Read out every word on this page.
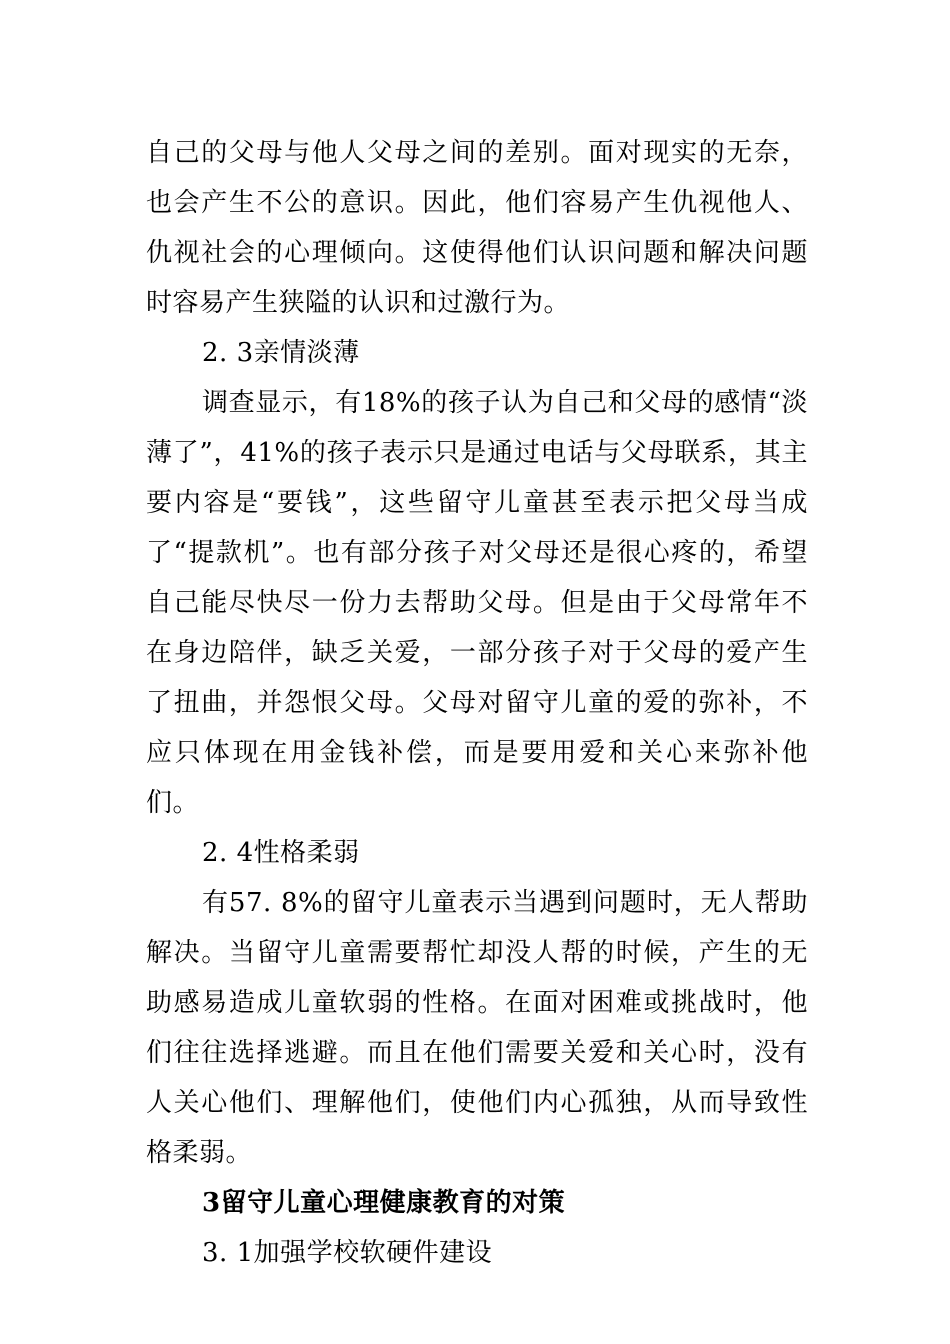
自己的父母与他人父母之间的差别。面对现实的无奈，也会产生不公的意识。因此，他们容易产生仇视他人、仇视社会的心理倾向。这使得他们认识问题和解决问题时容易产生狭隘的认识和过激行为。

2. 3亲情淡薄

调查显示，有18%的孩子认为自己和父母的感情“淡薄了”，41%的孩子表示只是通过电话与父母联系，其主要内容是“要钱”，这些留守儿童甚至表示把父母当成了“提款机”。也有部分孩子对父母还是很心疼的，希望自己能尽快尽一份力去帮助父母。但是由于父母常年不在身边陪伴，缺乏关爱，一部分孩子对于父母的爱产生了扭曲，并怨恨父母。父母对留守儿童的爱的弥补，不应只体现在用金钱补偿，而是要用爱和关心来弥补他们。

2. 4性格柔弱

有57. 8%的留守儿童表示当遇到问题时，无人帮助解决。当留守儿童需要帮忙却没人帮的时候，产生的无助感易造成儿童软弱的性格。在面对困难或挑战时，他们往往选择逃避。而且在他们需要关爱和关心时，没有人关心他们、理解他们，使他们内心孤独，从而导致性格柔弱。

3留守儿童心理健康教育的对策

3. 1加强学校软硬件建设
